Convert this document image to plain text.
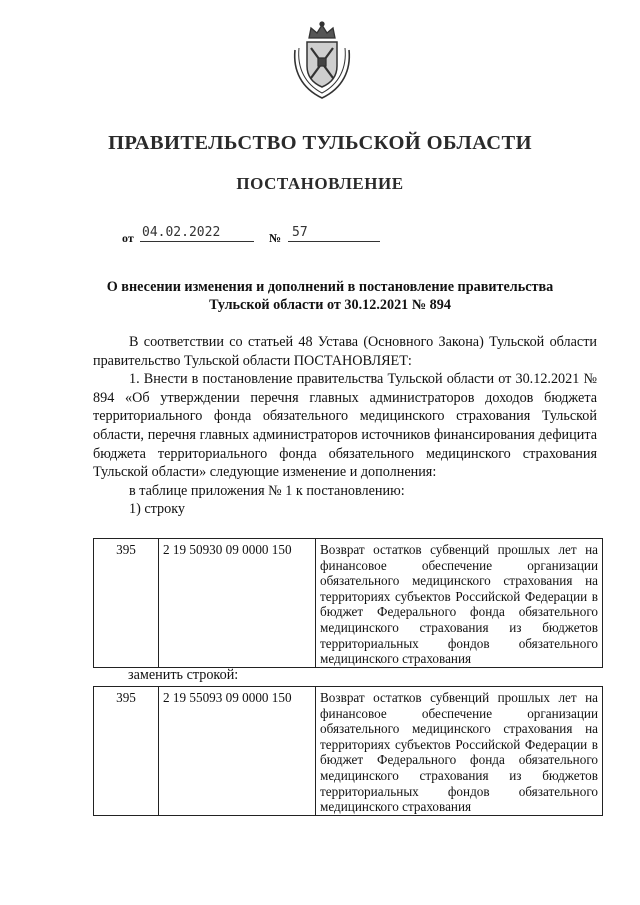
ПРАВИТЕЛЬСТВО ТУЛЬСКОЙ ОБЛАСТИ
ПОСТАНОВЛЕНИЕ
от 04.02.2022	№ 57
О внесении изменения и дополнений в постановление правительства
Тульской области от 30.12.2021 № 894

В соответствии со статьей 48 Устава (Основного Закона) Тульской области правительство Тульской области ПОСТАНОВЛЯЕТ:

1. Внести в постановление правительства Тульской области от 30.12.2021 № 894 «Об утверждении перечня главных администраторов доходов бюджета территориального фонда обязательного медицинского страхования Тульской области, перечня главных администраторов источников финансирования дефицита бюджета территориального фонда обязательного медицинского страхования Тульской области» следующие изменение и дополнения:

в таблице приложения № 1 к постановлению:

1) строку

395	2 19 50930 09 0000 150	Возврат остатков субвенций прошлых лет на финансовое обеспечение организации обязательного медицинского страхования на территориях субъектов Российской Федерации в бюджет Федерального фонда обязательного медицинского страхования из бюджетов территориальных фондов обязательного медицинского страхования
заменить строкой:
395	2 19 55093 09 0000 150	Возврат остатков субвенций прошлых лет на финансовое обеспечение организации обязательного медицинского страхования на территориях субъектов Российской Федерации в бюджет Федерального фонда обязательного медицинского страхования из бюджетов территориальных фондов обязательного медицинского страхования
